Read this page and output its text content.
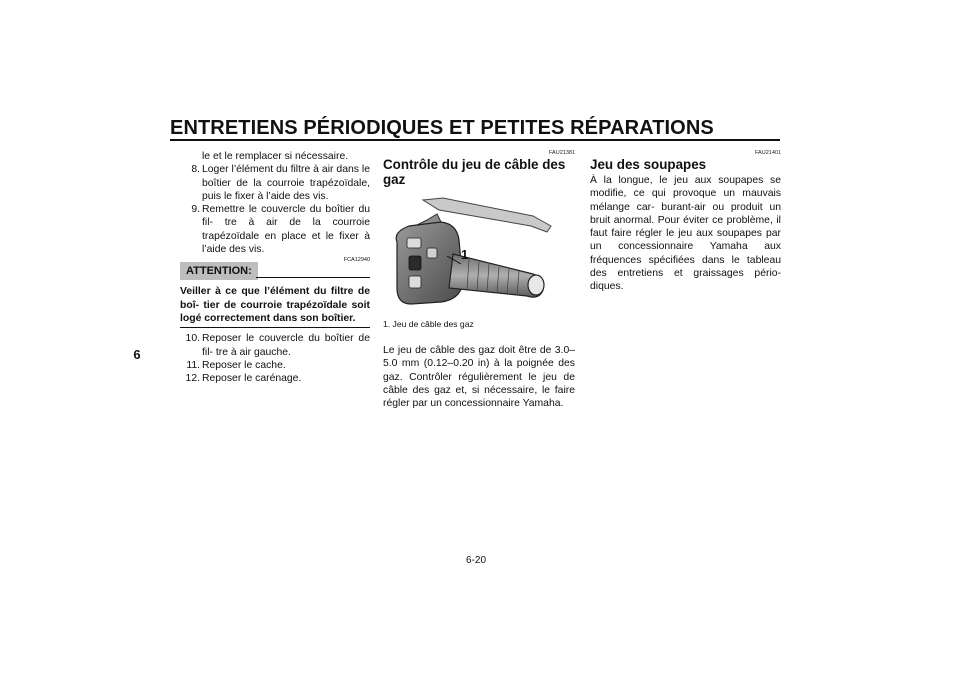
ENTRETIENS PÉRIODIQUES ET PETITES RÉPARATIONS
6
le et le remplacer si nécessaire.
8. Loger l’élément du filtre à air dans le boîtier de la courroie trapézoïdale, puis le fixer à l’aide des vis.
9. Remettre le couvercle du boîtier du fil- tre à air de la courroie trapézoïdale en place et le fixer à l’aide des vis.
ATTENTION:
FCA12940
Veiller à ce que l’élément du filtre de boî- tier de courroie trapézoïdale soit logé correctement dans son boîtier.
10. Reposer le couvercle du boîtier de fil- tre à air gauche.
11. Reposer le cache.
12. Reposer le carénage.
FAU21381
Contrôle du jeu de câble des gaz
1
1. Jeu de câble des gaz
Le jeu de câble des gaz doit être de 3.0–5.0 mm (0.12–0.20 in) à la poignée des gaz. Contrôler régulièrement le jeu de câble des gaz et, si nécessaire, le faire régler par un concessionnaire Yamaha.
FAU21401
Jeu des soupapes
À la longue, le jeu aux soupapes se modifie, ce qui provoque un mauvais mélange car- burant-air ou produit un bruit anormal. Pour éviter ce problème, il faut faire régler le jeu aux soupapes par un concessionnaire Yamaha aux fréquences spécifiées dans le tableau des entretiens et graissages pério- diques.
6-20
